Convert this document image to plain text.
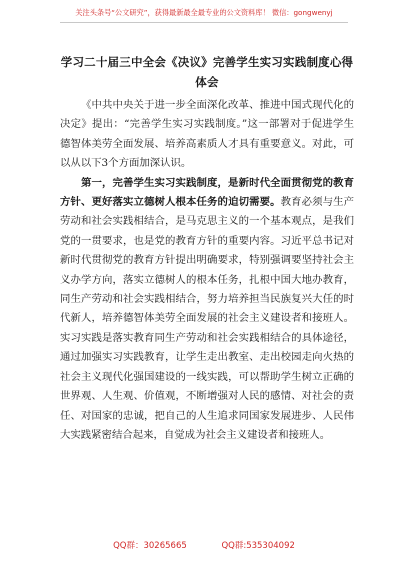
关注头条号“公文研究”，获得最新最全最专业的公文资料库！ 微信：gongwenyj
学习二十届三中全会《决议》完善学生实习实践制度心得
体会

《中共中央关于进一步全面深化改革、推进中国式现代化的决定》提出：“完善学生实习实践制度。”这一部署对于促进学生德智体美劳全面发展、培养高素质人才具有重要意义。对此，可以从以下3个方面加深认识。

第一，完善学生实习实践制度，是新时代全面贯彻党的教育方针、更好落实立德树人根本任务的迫切需要。教育必须与生产劳动和社会实践相结合，是马克思主义的一个基本观点，是我们党的一贯要求，也是党的教育方针的重要内容。习近平总书记对新时代贯彻党的教育方针提出明确要求，特别强调要坚持社会主义办学方向，落实立德树人的根本任务，扎根中国大地办教育，同生产劳动和社会实践相结合，努力培养担当民族复兴大任的时代新人，培养德智体美劳全面发展的社会主义建设者和接班人。实习实践是落实教育同生产劳动和社会实践相结合的具体途径，通过加强实习实践教育，让学生走出教室、走出校园走向火热的社会主义现代化强国建设的一线实践，可以帮助学生树立正确的世界观、人生观、价值观，不断增强对人民的感情、对社会的责任、对国家的忠诚，把自己的人生追求同国家发展进步、人民伟大实践紧密结合起来，自觉成为社会主义建设者和接班人。

QQ群：30265665	QQ群:535304092
